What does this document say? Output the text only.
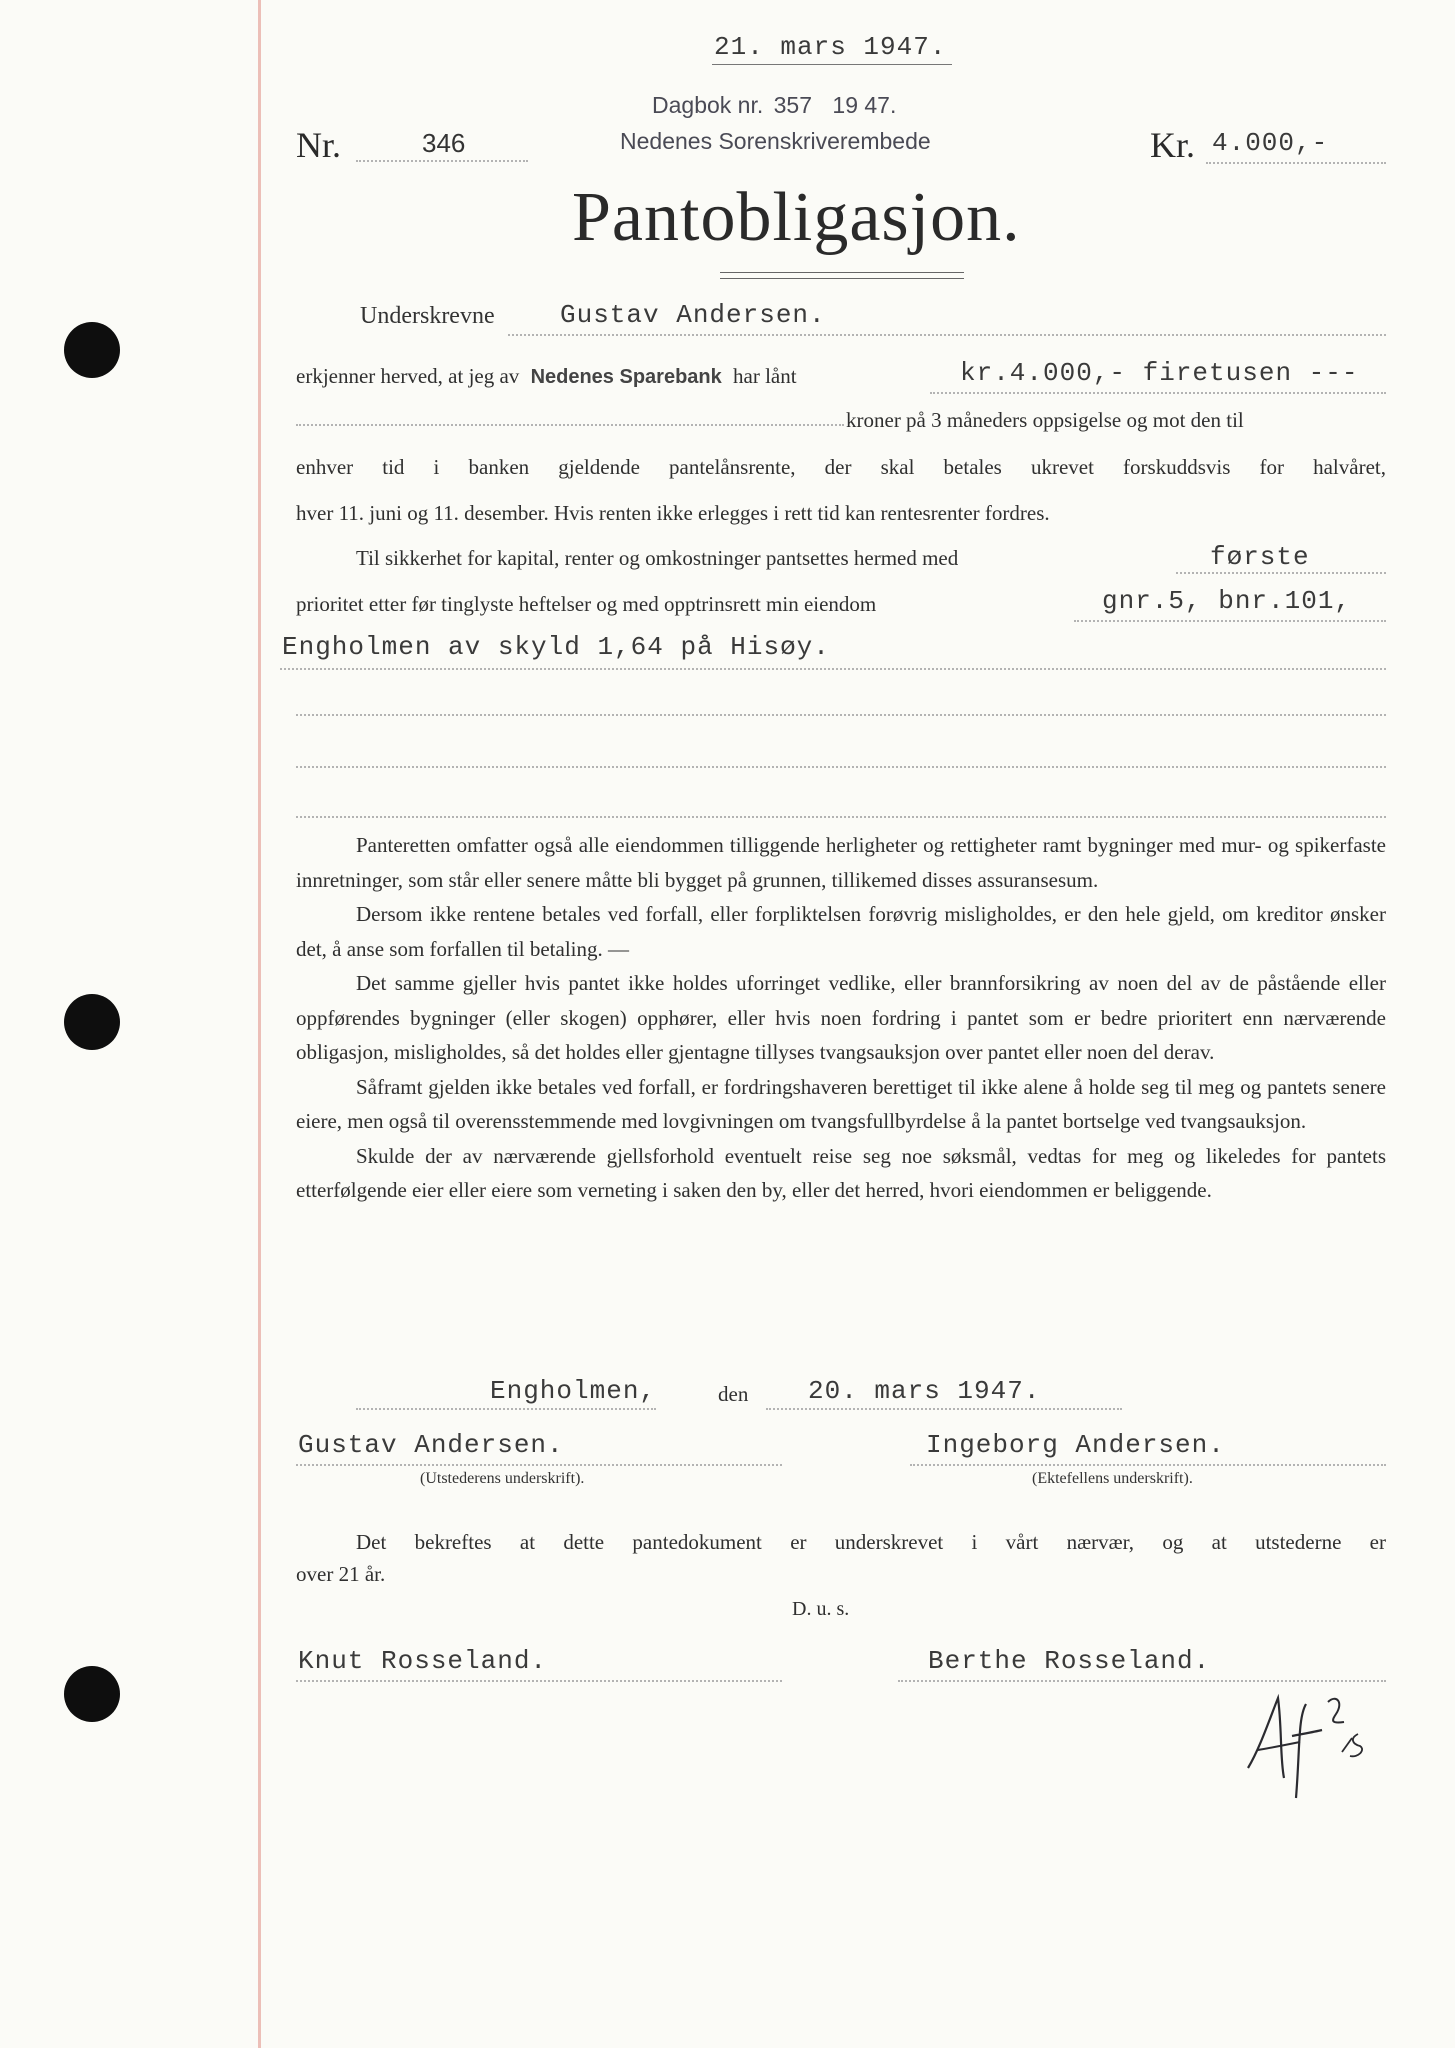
21. mars 1947.
Dagbok nr. 357 19 47.
Nedenes Sorenskriverembede
Nr.	346	Kr. 4.000,-
Pantobligasjon.
Underskrevne	Gustav Andersen.
erkjenner herved, at jeg av Nedenes Sparebank har lånt	kr.4.000,- firetusen ---
kroner på 3 måneders oppsigelse og mot den til
enhver tid i banken gjeldende pantelånsrente, der skal betales ukrevet forskuddsvis for halvåret,
hver 11. juni og 11. desember. Hvis renten ikke erlegges i rett tid kan rentesrenter fordres.
Til sikkerhet for kapital, renter og omkostninger pantsettes hermed med	første
prioritet etter før tinglyste heftelser og med opptrinsrett min eiendom	gnr.5, bnr.101,
Engholmen av skyld 1,64 på Hisøy.

Panteretten omfatter også alle eiendommen tilliggende herligheter og rettigheter ramt bygninger med mur- og spikerfaste innretninger, som står eller senere måtte bli bygget på grunnen, tillikemed disses assuransesum.

Dersom ikke rentene betales ved forfall, eller forpliktelsen forøvrig misligholdes, er den hele gjeld, om kreditor ønsker det, å anse som forfallen til betaling. —

Det samme gjeller hvis pantet ikke holdes uforringet vedlike, eller brannforsikring av noen del av de påstående eller oppførendes bygninger (eller skogen) opphører, eller hvis noen fordring i pantet som er bedre prioritert enn nærværende obligasjon, misligholdes, så det holdes eller gjentagne tillyses tvangsauksjon over pantet eller noen del derav.

Såframt gjelden ikke betales ved forfall, er fordringshaveren berettiget til ikke alene å holde seg til meg og pantets senere eiere, men også til overensstemmende med lovgivningen om tvangsfullbyrdelse å la pantet bortselge ved tvangsauksjon.

Skulde der av nærværende gjellsforhold eventuelt reise seg noe søksmål, vedtas for meg og likeledes for pantets etterfølgende eier eller eiere som verneting i saken den by, eller det herred, hvori eiendommen er beliggende.

Engholmen,	den 20. mars 1947.
Gustav Andersen.
(Utstederens underskrift).
Ingeborg Andersen.
(Ektefellens underskrift).
Det bekreftes at dette pantedokument er underskrevet i vårt nærvær, og at utstederne er
over 21 år.
D. u. s.
Knut Rosseland.	Berthe Rosseland.
